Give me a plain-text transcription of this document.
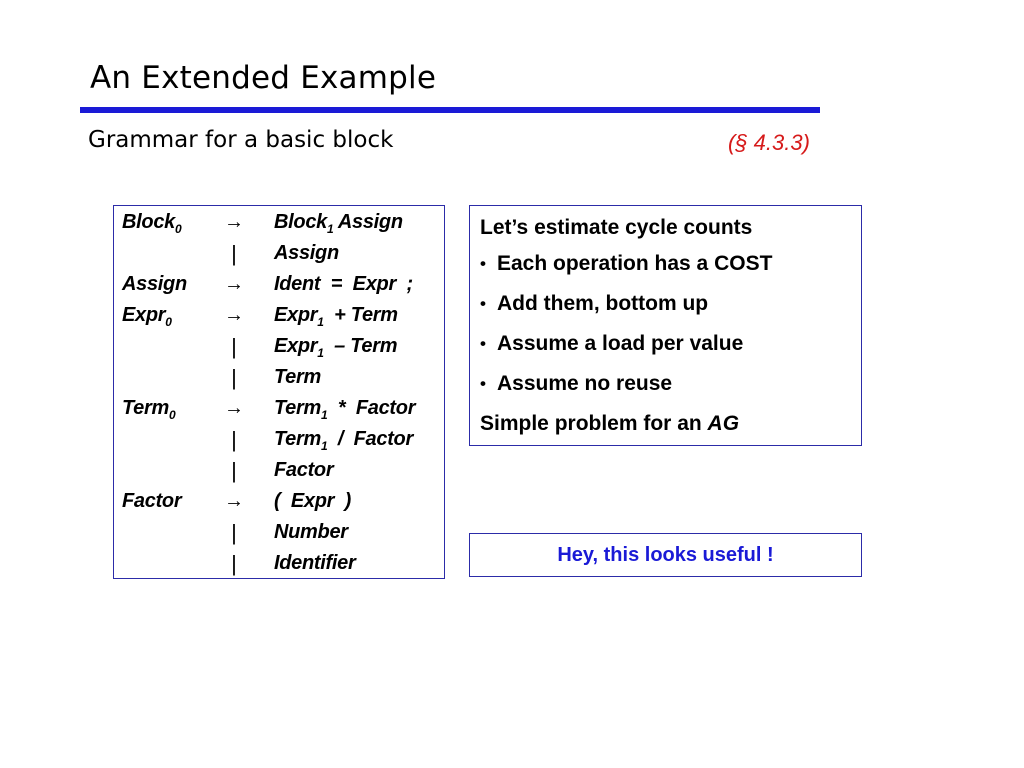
An Extended Example
Grammar for a basic block	(§ 4.3.3)
Block$_0$ → Block$_1$ Assign
|	Assign
Assign → Ident  =  Expr  ;
Expr$_0$	→ Expr$_1$  + Term
|	Expr$_1$  – Term
|	Term
Term$_0$ → Term$_1$  *  Factor
|	Term$_1$  /  Factor
|	Factor
Factor → (  Expr  )
|	Number
|	Identifier
Let’s estimate cycle counts
• Each operation has a COST
• Add them, bottom up
• Assume a load per value
• Assume no reuse
Simple problem for an AG
Hey, this looks useful !
